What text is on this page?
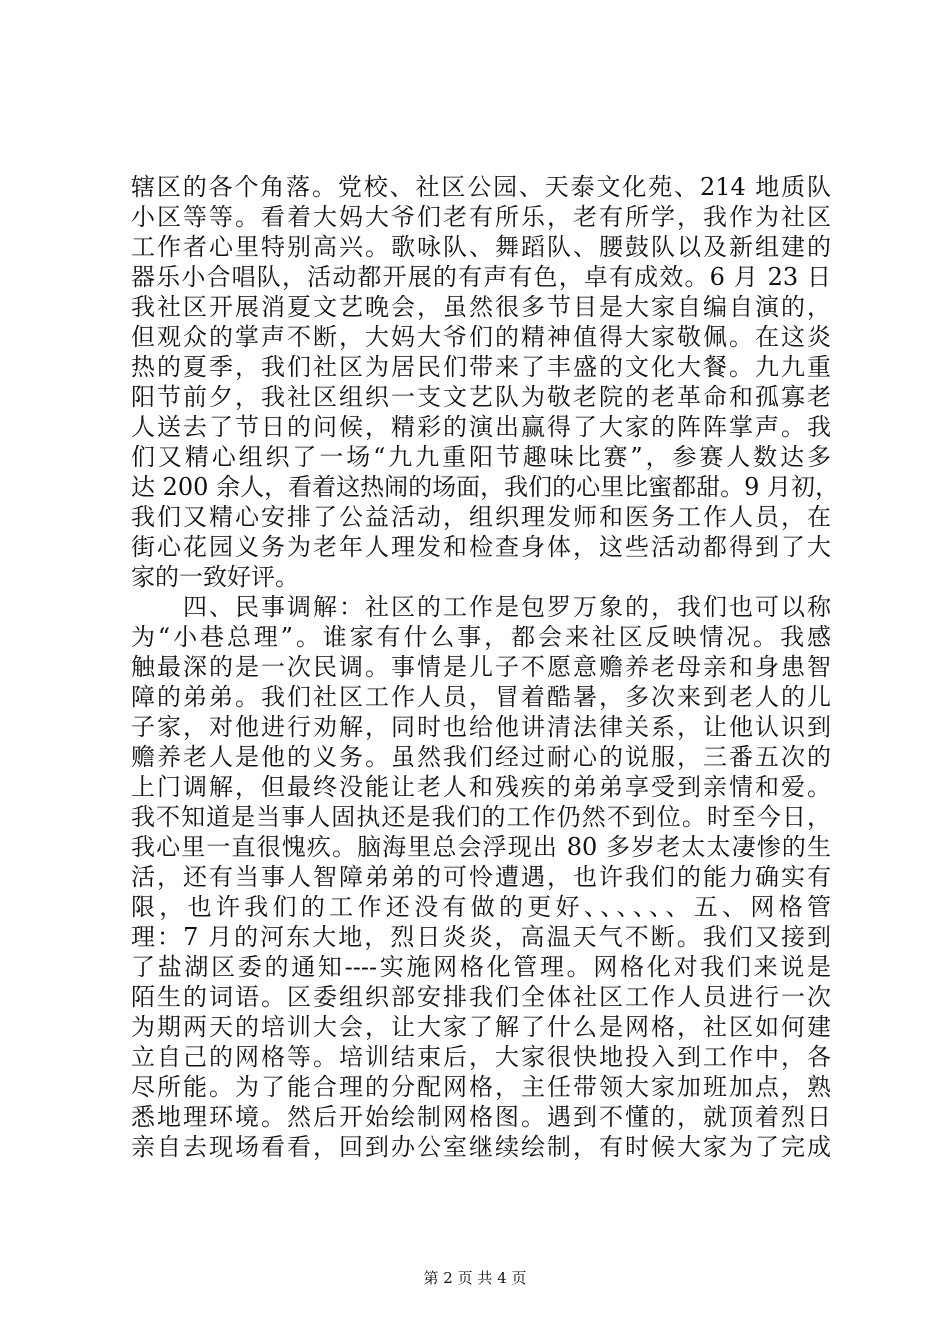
辖区的各个角落。党校、社区公园、天泰文化苑、214 地质队
小区等等。看着大妈大爷们老有所乐，老有所学，我作为社区
工作者心里特别高兴。歌咏队、舞蹈队、腰鼓队以及新组建的
器乐小合唱队，活动都开展的有声有色，卓有成效。6 月 23 日
我社区开展消夏文艺晚会，虽然很多节目是大家自编自演的，
但观众的掌声不断，大妈大爷们的精神值得大家敬佩。在这炎
热的夏季，我们社区为居民们带来了丰盛的文化大餐。九九重
阳节前夕，我社区组织一支文艺队为敬老院的老革命和孤寡老
人送去了节日的问候，精彩的演出赢得了大家的阵阵掌声。我
们又精心组织了一场“九九重阳节趣味比赛”，参赛人数达多
达 200 余人，看着这热闹的场面，我们的心里比蜜都甜。9 月初，
我们又精心安排了公益活动，组织理发师和医务工作人员，在
街心花园义务为老年人理发和检查身体，这些活动都得到了大
家的一致好评。
　　四、民事调解：社区的工作是包罗万象的，我们也可以称
为“小巷总理”。谁家有什么事，都会来社区反映情况。我感
触最深的是一次民调。事情是儿子不愿意赡养老母亲和身患智
障的弟弟。我们社区工作人员，冒着酷暑，多次来到老人的儿
子家，对他进行劝解，同时也给他讲清法律关系，让他认识到
赡养老人是他的义务。虽然我们经过耐心的说服，三番五次的
上门调解，但最终没能让老人和残疾的弟弟享受到亲情和爱。
我不知道是当事人固执还是我们的工作仍然不到位。时至今日，
我心里一直很愧疚。脑海里总会浮现出 80 多岁老太太凄惨的生
活，还有当事人智障弟弟的可怜遭遇，也许我们的能力确实有
限，也许我们的工作还没有做的更好、、、、、、五、网格管
理：7 月的河东大地，烈日炎炎，高温天气不断。我们又接到
了盐湖区委的通知----实施网格化管理。网格化对我们来说是
陌生的词语。区委组织部安排我们全体社区工作人员进行一次
为期两天的培训大会，让大家了解了什么是网格，社区如何建
立自己的网格等。培训结束后，大家很快地投入到工作中，各
尽所能。为了能合理的分配网格，主任带领大家加班加点，熟
悉地理环境。然后开始绘制网格图。遇到不懂的，就顶着烈日
亲自去现场看看，回到办公室继续绘制，有时候大家为了完成
第 2 页 共 4 页
